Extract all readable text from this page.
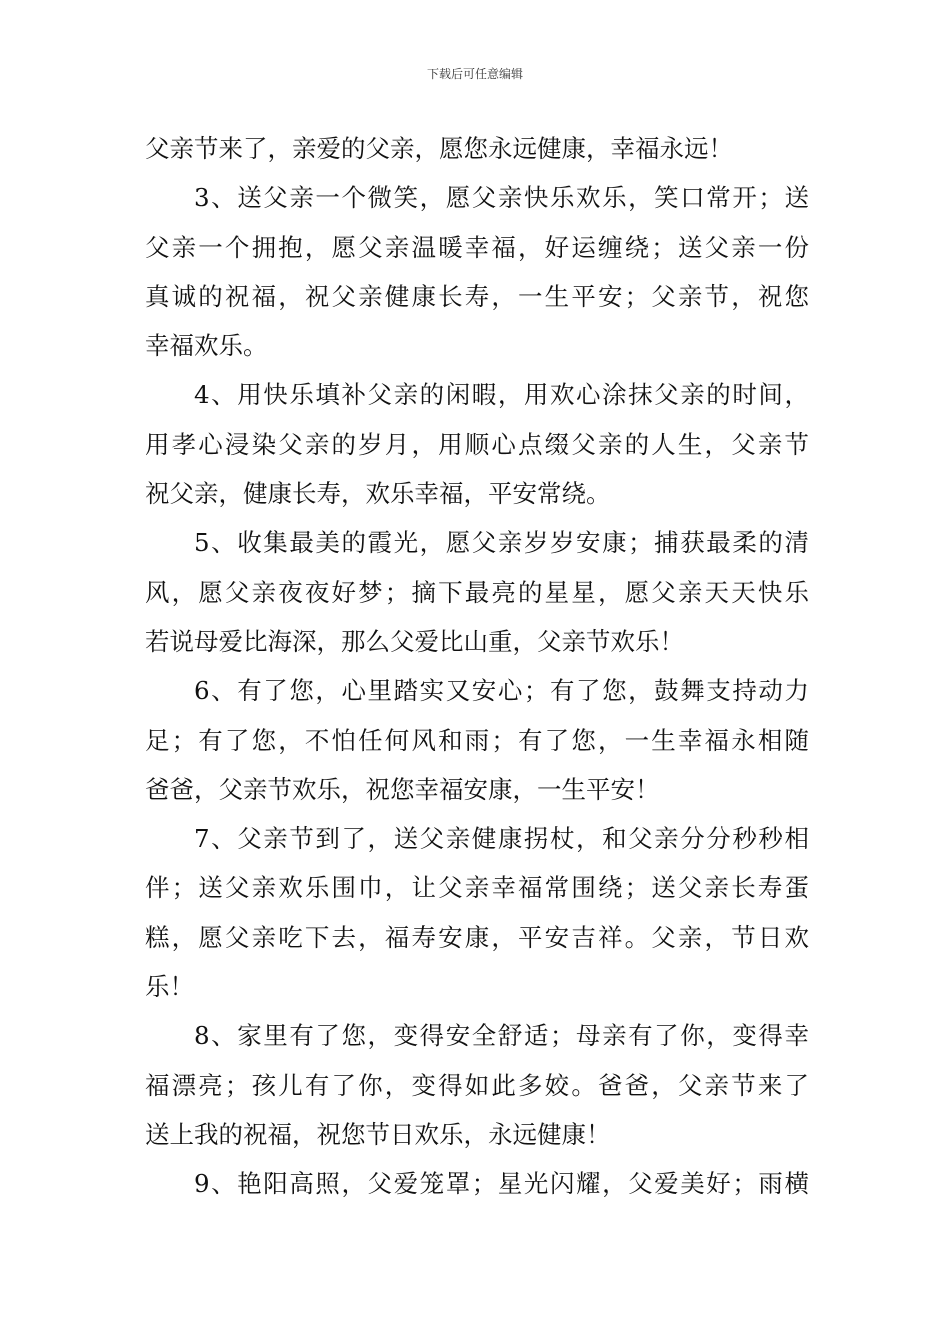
下载后可任意编辑
父亲节来了，亲爱的父亲，愿您永远健康，幸福永远！
3、送父亲一个微笑，愿父亲快乐欢乐，笑口常开；送
父亲一个拥抱，愿父亲温暖幸福，好运缠绕；送父亲一份
真诚的祝福，祝父亲健康长寿，一生平安；父亲节，祝您
幸福欢乐。
4、用快乐填补父亲的闲暇，用欢心涂抹父亲的时间，
用孝心浸染父亲的岁月，用顺心点缀父亲的人生，父亲节
祝父亲，健康长寿，欢乐幸福，平安常绕。
5、收集最美的霞光，愿父亲岁岁安康；捕获最柔的清
风，愿父亲夜夜好梦；摘下最亮的星星，愿父亲天天快乐
若说母爱比海深，那么父爱比山重，父亲节欢乐！
6、有了您，心里踏实又安心；有了您，鼓舞支持动力
足；有了您，不怕任何风和雨；有了您，一生幸福永相随
爸爸，父亲节欢乐，祝您幸福安康，一生平安！
7、父亲节到了，送父亲健康拐杖，和父亲分分秒秒相
伴；送父亲欢乐围巾，让父亲幸福常围绕；送父亲长寿蛋
糕，愿父亲吃下去，福寿安康，平安吉祥。父亲，节日欢
乐！
8、家里有了您，变得安全舒适；母亲有了你，变得幸
福漂亮；孩儿有了你，变得如此多姣。爸爸，父亲节来了
送上我的祝福，祝您节日欢乐，永远健康！
9、艳阳高照，父爱笼罩；星光闪耀，父爱美好；雨横
